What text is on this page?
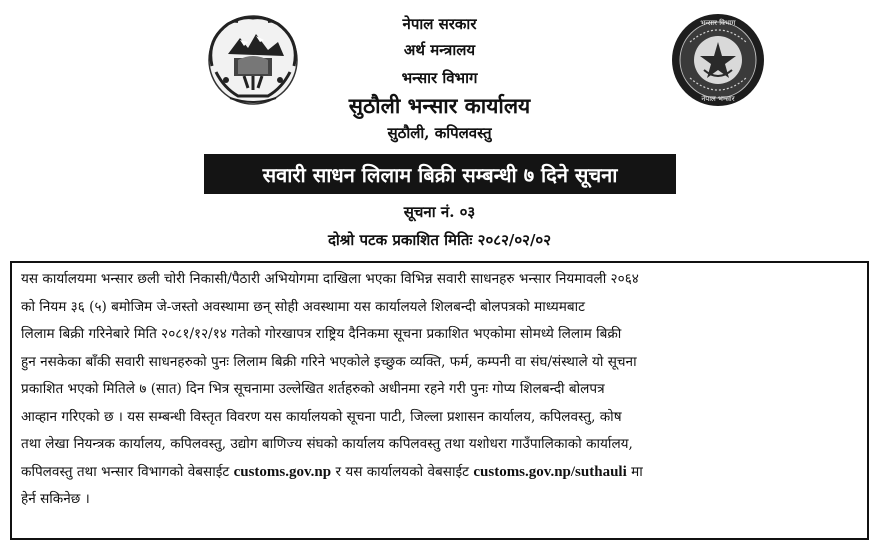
भन्सार विभाग
नेपाल भन्सार
नेपाल सरकार
अर्थ मन्त्रालय
भन्सार विभाग
सुठौली भन्सार कार्यालय
सुठौली, कपिलवस्तु
सवारी साधन लिलाम बिक्री सम्बन्धी ७ दिने सूचना
सूचना नं. ०३
दोश्रो पटक प्रकाशित मितिः २०८२/०२/०२
यस कार्यालयमा भन्सार छली चोरी निकासी/पैठारी अभियोगमा दाखिला भएका विभिन्न सवारी साधनहरु भन्सार नियमावली २०६४
को नियम ३६ (५) बमोजिम जे-जस्तो अवस्थामा छन् सोही अवस्थामा यस कार्यालयले शिलबन्दी बोलपत्रको माध्यमबाट
लिलाम बिक्री गरिनेबारे मिति २०८१/१२/१४ गतेको गोरखापत्र राष्ट्रिय दैनिकमा सूचना प्रकाशित भएकोमा सोमध्ये लिलाम बिक्री
हुन नसकेका बाँकी सवारी साधनहरुको पुनः लिलाम बिक्री गरिने भएकोले इच्छुक व्यक्ति, फर्म, कम्पनी वा संघ/संस्थाले यो सूचना
प्रकाशित भएको मितिले ७ (सात) दिन भित्र सूचनामा उल्लेखित शर्तहरुको अधीनमा रहने गरी पुनः गोप्य शिलबन्दी बोलपत्र
आव्हान गरिएको छ । यस सम्बन्धी विस्तृत विवरण यस कार्यालयको सूचना पाटी, जिल्ला प्रशासन कार्यालय, कपिलवस्तु, कोष
तथा लेखा नियन्त्रक कार्यालय, कपिलवस्तु, उद्योग बाणिज्य संघको कार्यालय कपिलवस्तु तथा यशोधरा गाउँपालिकाको कार्यालय,
कपिलवस्तु तथा भन्सार विभागको वेबसाईट customs.gov.np र यस कार्यालयको वेबसाईट customs.gov.np/suthauli मा
हेर्न सकिनेछ ।
